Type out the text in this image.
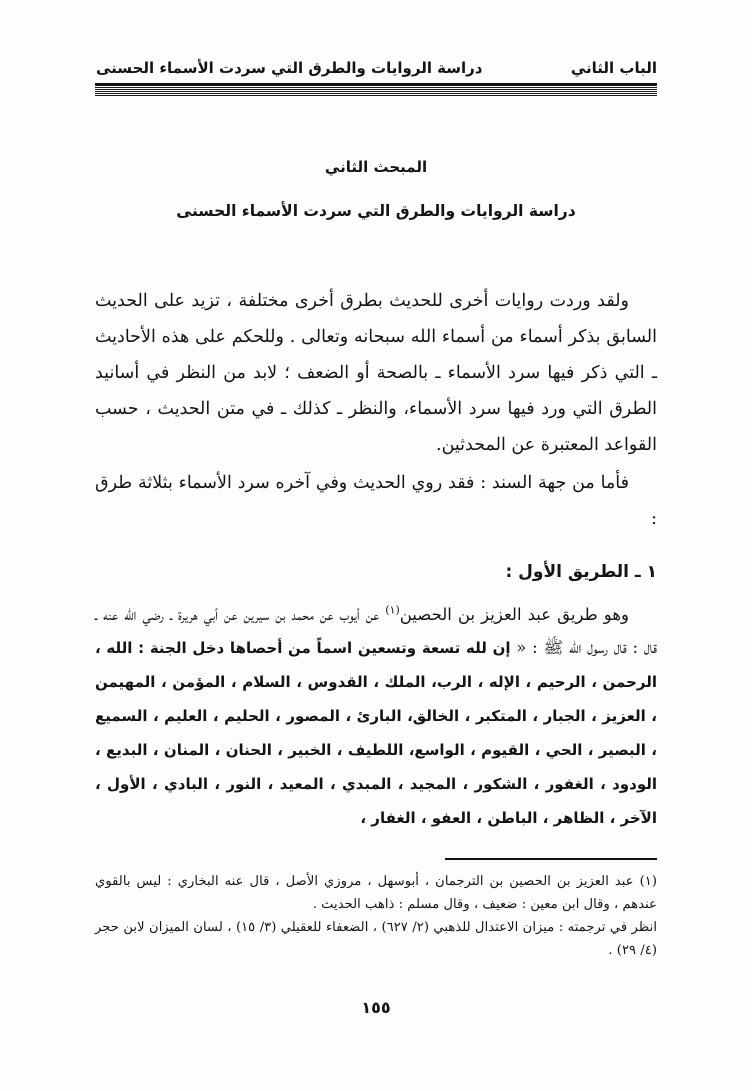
الباب الثاني
دراسة الروايات والطرق التي سردت الأسماء الحسنى
المبحث الثاني
دراسة الروايات والطرق التي سردت الأسماء الحسنى

ولقد وردت روايات أخرى للحديث بطرق أخرى مختلفة ، تزيد على الحديث السابق بذكر أسماء من أسماء الله سبحانه وتعالى . وللحكم على هذه الأحاديث ـ التي ذكر فيها سرد الأسماء ـ بالصحة أو الضعف ؛ لابد من النظر في أسانيد الطرق التي ورد فيها سرد الأسماء، والنظر ـ كذلك ـ في متن الحديث ، حسب القواعد المعتبرة عن المحدثين.

فأما من جهة السند : فقد روي الحديث وفي آخره سرد الأسماء بثلاثة طرق :

١ ـ الطريق الأول :
وهو طريق عبد العزيز بن الحصين$^{(١)}$ عن أيوب عن محمد بن سيرين عن أبي هريرة ـ رضي الله عنه ـ قال : قال رسول الله ﷺ : « إن لله تسعة وتسعين اسماً من أحصاها دخل الجنة : الله ، الرحمن ، الرحيم ، الإله ، الرب، الملك ، القدوس ، السلام ، المؤمن ، المهيمن ، العزيز ، الجبار ، المتكبر ، الخالق، البارئ ، المصور ، الحليم ، العليم ، السميع ، البصير ، الحي ، القيوم ، الواسع، اللطيف ، الخبير ، الحنان ، المنان ، البديع ، الودود ، الغفور ، الشكور ، المجيد ، المبدي ، المعيد ، النور ، البادي ، الأول ، الآخر ، الظاهر ، الباطن ، العفو ، الغفار ،

(١) عبد العزيز بن الحصين بن الترجمان ، أبوسهل ، مروزي الأصل ، قال عنه البخاري : ليس بالقوي عندهم ، وقال ابن معين : ضعيف ، وقال مسلم : ذاهب الحديث .

انظر في ترجمته : ميزان الاعتدال للذهبي (٢/ ٦٢٧) ، الضعفاء للعقيلي (٣/ ١٥) ، لسان الميزان لابن حجر (٤/ ٢٩) .

١٥٥
